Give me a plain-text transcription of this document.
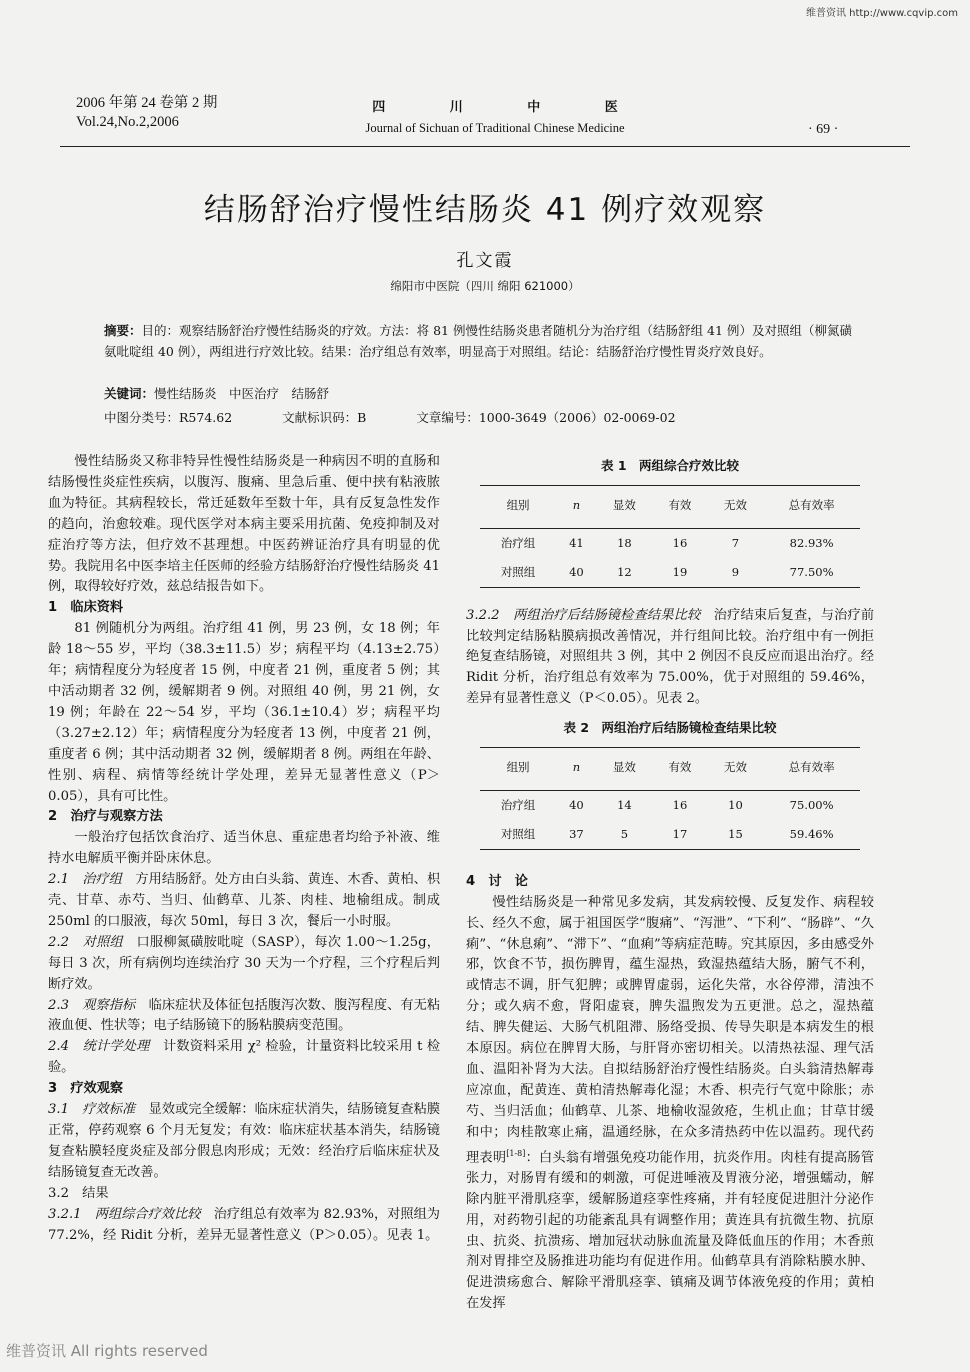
维普资讯 http://www.cqvip.com
2006 年第 24 卷第 2 期
Vol.24,No.2,2006
四 川 中 医
Journal of Sichuan of Traditional Chinese Medicine	· 69 ·
结肠舒治疗慢性结肠炎 41 例疗效观察
孔文霞
绵阳市中医院（四川 绵阳 621000）
摘要：目的：观察结肠舒治疗慢性结肠炎的疗效。方法：将 81 例慢性结肠炎患者随机分为治疗组（结肠舒组 41 例）及对照组（柳氮磺氨吡啶组 40 例），两组进行疗效比较。结果：治疗组总有效率，明显高于对照组。结论：结肠舒治疗慢性胃炎疗效良好。
关键词：慢性结肠炎　中医治疗　结肠舒
中图分类号：R574.62	文献标识码：B	文章编号：1000-3649（2006）02-0069-02

慢性结肠炎又称非特异性慢性结肠炎是一种病因不明的直肠和结肠慢性炎症性疾病，以腹泻、腹痛、里急后重、便中挟有粘液脓血为特征。其病程较长，常迁延数年至数十年，具有反复急性发作的趋向，治愈较难。现代医学对本病主要采用抗菌、免疫抑制及对症治疗等方法，但疗效不甚理想。中医药辨证治疗具有明显的优势。我院用名中医李培主任医师的经验方结肠舒治疗慢性结肠炎 41 例，取得较好疗效，兹总结报告如下。

1　临床资料

81 例随机分为两组。治疗组 41 例，男 23 例，女 18 例；年龄 18～55 岁，平均（38.3±11.5）岁；病程平均（4.13±2.75）年；病情程度分为轻度者 15 例，中度者 21 例，重度者 5 例；其中活动期者 32 例，缓解期者 9 例。对照组 40 例，男 21 例，女 19 例；年龄在 22～54 岁，平均（36.1±10.4）岁；病程平均（3.27±2.12）年；病情程度分为轻度者 13 例，中度者 21 例，重度者 6 例；其中活动期者 32 例，缓解期者 8 例。两组在年龄、性别、病程、病情等经统计学处理，差异无显著性意义（P＞0.05），具有可比性。

2　治疗与观察方法

一般治疗包括饮食治疗、适当休息、重症患者均给予补液、维持水电解质平衡并卧床休息。

2.1　治疗组　 方用结肠舒。处方由白头翁、黄连、木香、黄柏、枳壳、甘草、赤芍、当归、仙鹤草、儿茶、肉桂、地榆组成。制成 250ml 的口服液，每次 50ml，每日 3 次，餐后一小时服。

2.2　对照组　 口服柳氮磺胺吡啶（SASP），每次 1.00～1.25g，每日 3 次，所有病例均连续治疗 30 天为一个疗程，三个疗程后判断疗效。

2.3　观察指标　 临床症状及体征包括腹泻次数、腹泻程度、有无粘液血便、性状等；电子结肠镜下的肠粘膜病变范围。

2.4　统计学处理　 计数资料采用 χ² 检验，计量资料比较采用 t 检验。

3　疗效观察

3.1　疗效标准　 显效或完全缓解：临床症状消失，结肠镜复查粘膜正常，停药观察 6 个月无复发；有效：临床症状基本消失，结肠镜复查粘膜轻度炎症及部分假息肉形成；无效：经治疗后临床症状及结肠镜复查无改善。

3.2　结果

3.2.1　两组综合疗效比较　 治疗组总有效率为 82.93%，对照组为 77.2%，经 Ridit 分析，差异无显著性意义（P＞0.05）。见表 1。

表 1　两组综合疗效比较
组别	n	显效	有效	无效	总有效率
治疗组	41	18	16	7	82.93%
对照组	40	12	19	9	77.50%

3.2.2　两组治疗后结肠镜检查结果比较　 治疗结束后复查，与治疗前比较判定结肠粘膜病损改善情况，并行组间比较。治疗组中有一例拒绝复查结肠镜，对照组共 3 例，其中 2 例因不良反应而退出治疗。经 Ridit 分析，治疗组总有效率为 75.00%，优于对照组的 59.46%，差异有显著性意义（P＜0.05）。见表 2。

表 2　两组治疗后结肠镜检查结果比较
组别	n	显效	有效	无效	总有效率
治疗组	40	14	16	10	75.00%
对照组	37	5	17	15	59.46%

4　讨　论

慢性结肠炎是一种常见多发病，其发病较慢、反复发作、病程较长、经久不愈，属于祖国医学“腹痛”、“泻泄”、“下利”、“肠辟”、“久痢”、“休息痢”、“滞下”、“血痢”等病症范畴。究其原因，多由感受外邪，饮食不节，损伤脾胃，蕴生湿热，致湿热蕴结大肠，腑气不利，或情志不调，肝气犯脾；或脾胃虚弱，运化失常，水谷停滞，清浊不分；或久病不愈，肾阳虚衰，脾失温煦发为五更泄。总之，湿热蕴结、脾失健运、大肠气机阻滞、肠络受损、传导失职是本病发生的根本原因。病位在脾胃大肠，与肝肾亦密切相关。以清热祛湿、理气活血、温阳补肾为大法。自拟结肠舒治疗慢性结肠炎。白头翁清热解毒应凉血，配黄连、黄柏清热解毒化湿；木香、枳壳行气宽中除胀；赤芍、当归活血；仙鹤草、儿茶、地榆收湿敛疮，生机止血；甘草甘缓和中；肉桂散寒止痛，温通经脉，在众多清热药中佐以温药。现代药理表明[1-8]：白头翁有增强免疫功能作用，抗炎作用。肉桂有提高肠管张力，对肠胃有缓和的刺激，可促进唾液及胃液分泌，增强蠕动，解除内脏平滑肌痉挛，缓解肠道痉挛性疼痛，并有轻度促进胆汁分泌作用，对药物引起的功能紊乱具有调整作用；黄连具有抗微生物、抗原虫、抗炎、抗溃疡、增加冠状动脉血流量及降低血压的作用；木香煎剂对胃排空及肠推进功能均有促进作用。仙鹤草具有消除粘膜水肿、促进溃疡愈合、解除平滑肌痉挛、镇痛及调节体液免疫的作用；黄柏在发挥

维普资讯 All rights reserved
